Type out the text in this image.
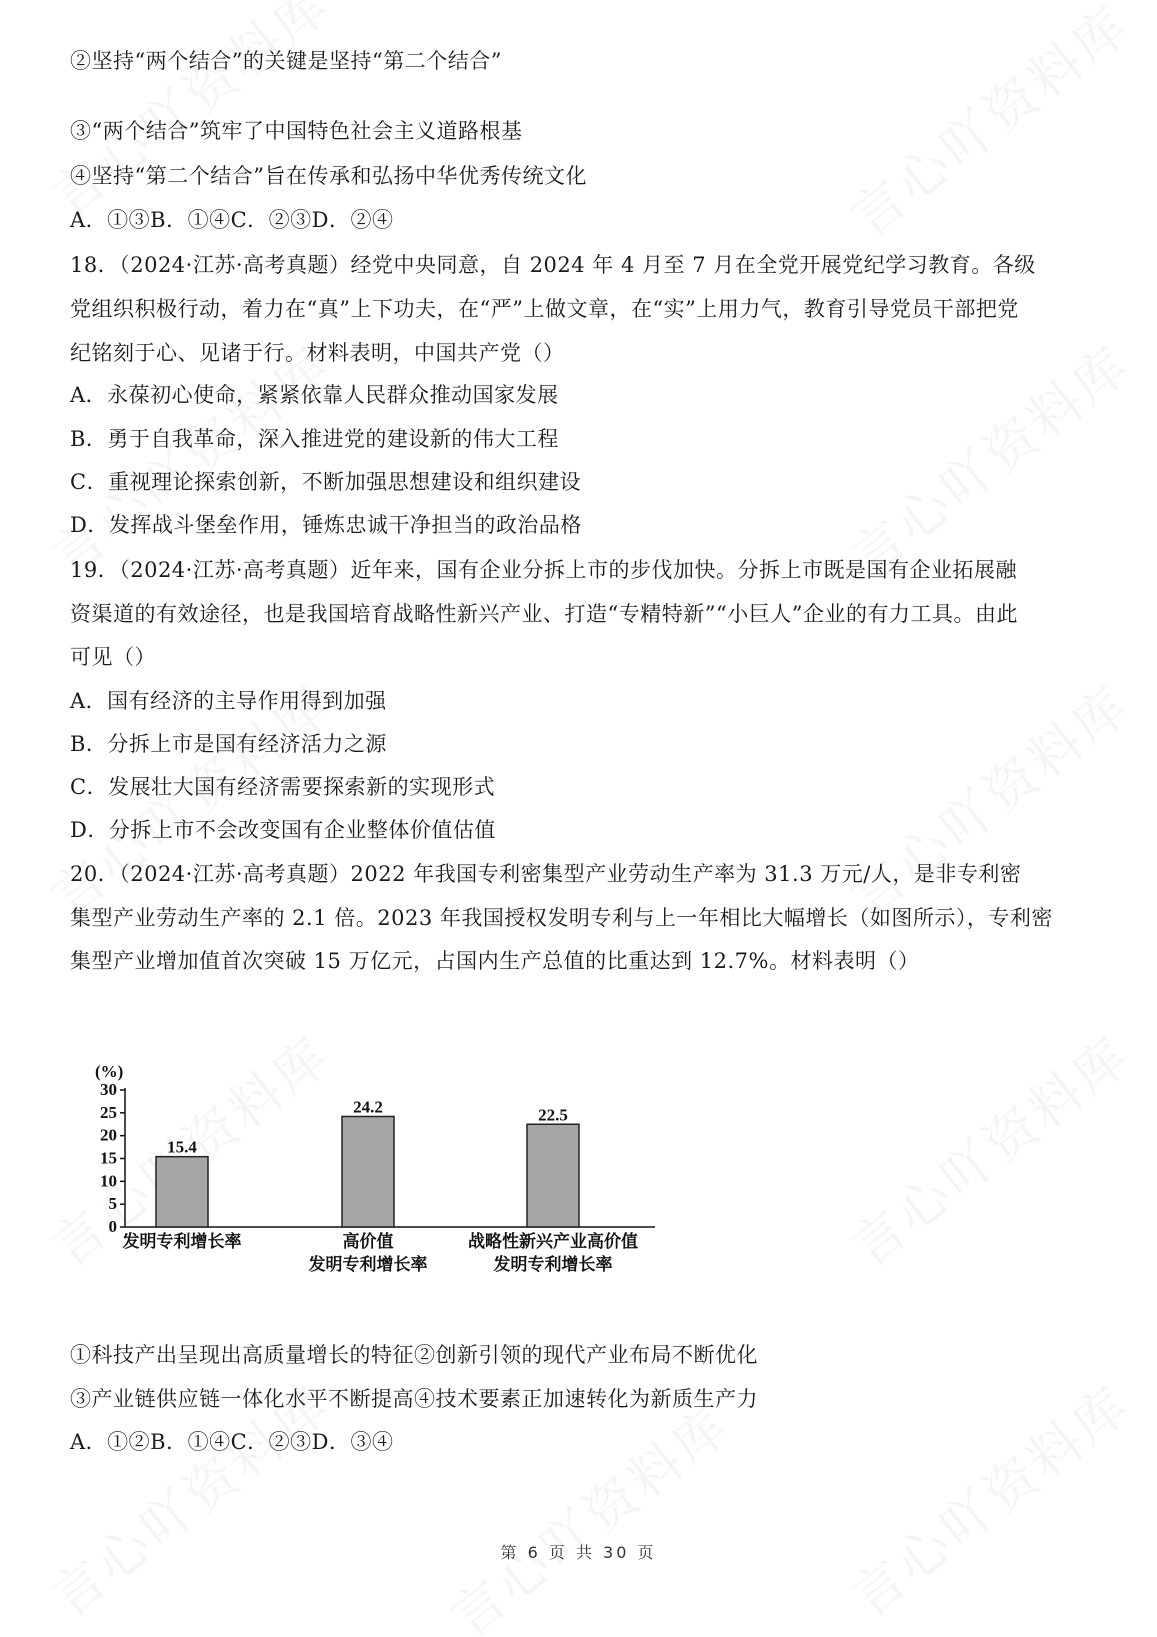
②坚持“两个结合”的关键是坚持“第二个结合”
③“两个结合”筑牢了中国特色社会主义道路根基
④坚持“第二个结合”旨在传承和弘扬中华优秀传统文化
A．①③B．①④C．②③D．②④
18．（2024·江苏·高考真题）经党中央同意，自 2024 年 4 月至 7 月在全党开展党纪学习教育。各级
党组织积极行动，着力在“真”上下功夫，在“严”上做文章，在“实”上用力气，教育引导党员干部把党
纪铭刻于心、见诸于行。材料表明，中国共产党（）
A．永葆初心使命，紧紧依靠人民群众推动国家发展
B．勇于自我革命，深入推进党的建设新的伟大工程
C．重视理论探索创新，不断加强思想建设和组织建设
D．发挥战斗堡垒作用，锤炼忠诚干净担当的政治品格
19．（2024·江苏·高考真题）近年来，国有企业分拆上市的步伐加快。分拆上市既是国有企业拓展融
资渠道的有效途径，也是我国培育战略性新兴产业、打造“专精特新”“小巨人”企业的有力工具。由此
可见（）
A．国有经济的主导作用得到加强
B．分拆上市是国有经济活力之源
C．发展壮大国有经济需要探索新的实现形式
D．分拆上市不会改变国有企业整体价值估值
20．（2024·江苏·高考真题）2022 年我国专利密集型产业劳动生产率为 31.3 万元/人，是非专利密
集型产业劳动生产率的 2.1 倍。2023 年我国授权发明专利与上一年相比大幅增长（如图所示），专利密
集型产业增加值首次突破 15 万亿元，占国内生产总值的比重达到 12.7%。材料表明（）
(%)
0
5
10
15
20
25
30
15.4
发明专利增长率
24.2
高价值
发明专利增长率
22.5
战略性新兴产业高价值
发明专利增长率
①科技产出呈现出高质量增长的特征②创新引领的现代产业布局不断优化
③产业链供应链一体化水平不断提高④技术要素正加速转化为新质生产力
A．①②B．①④C．②③D．③④
第 6 页 共 30 页
